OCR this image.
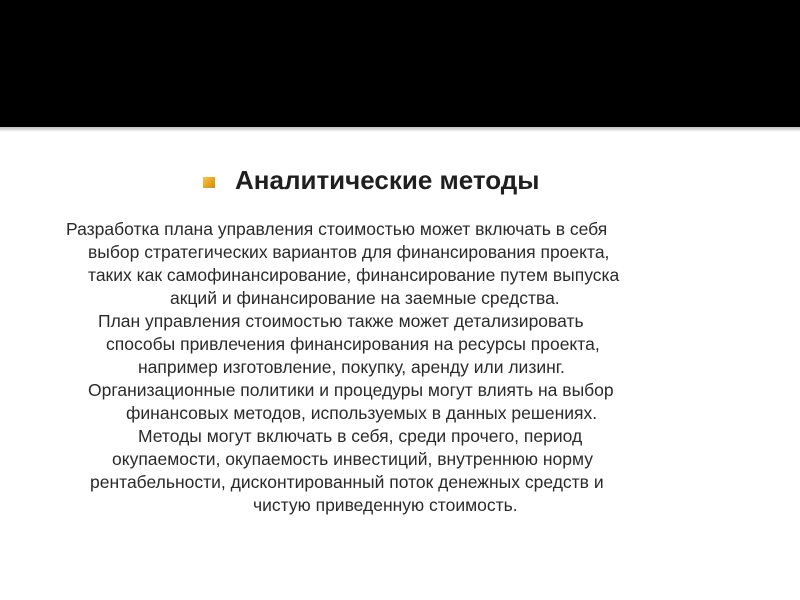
Аналитические методы
Разработка плана управления стоимостью может включать в себя
выбор стратегических вариантов для финансирования проекта,
таких как самофинансирование, финансирование путем выпуска
акций и финансирование на заемные средства.
План управления стоимостью также может детализировать
способы привлечения финансирования на ресурсы проекта,
например изготовление, покупку, аренду или лизинг.
Организационные политики и процедуры могут влиять на выбор
финансовых методов, используемых в данных решениях.
Методы могут включать в себя, среди прочего, период
окупаемости, окупаемость инвестиций, внутреннюю норму
рентабельности, дисконтированный поток денежных средств и
чистую приведенную стоимость.
